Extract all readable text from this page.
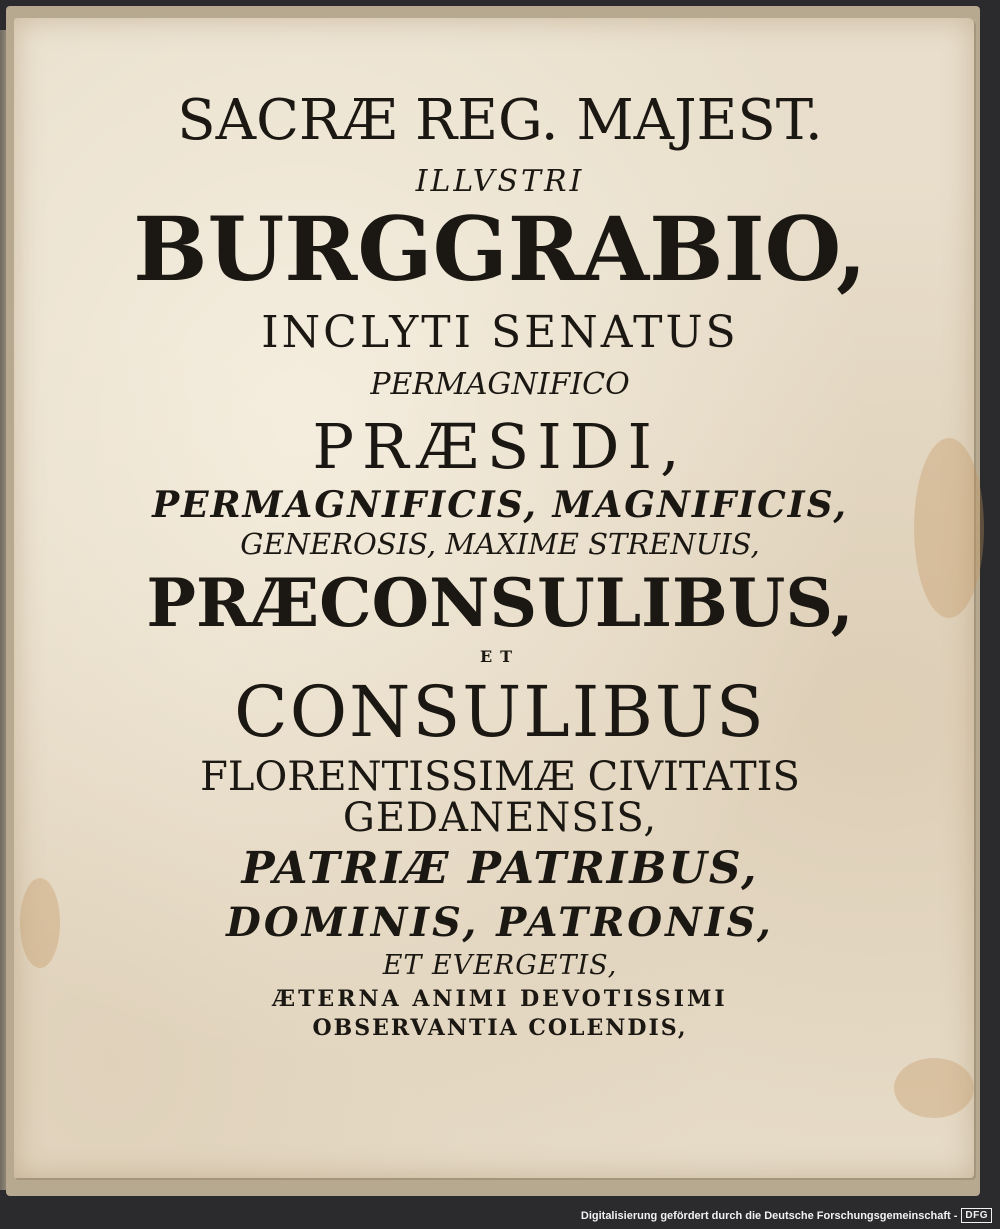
SACRÆ REG. MAJEST.

ILLVSTRI

BURGGRABIO,

INCLYTI SENATUS

PERMAGNIFICO

PRÆSIDI,

PERMAGNIFICIS, MAGNIFICIS,

GENEROSIS, MAXIME STRENUIS,

PRÆCONSULIBUS,

ET

CONSULIBUS

FLORENTISSIMÆ CIVITATIS

GEDANENSIS,

PATRIÆ PATRIBUS,

DOMINIS, PATRONIS,

ET EVERGETIS,

ÆTERNA ANIMI DEVOTISSIMI

OBSERVANTIA COLENDIS,

Digitalisierung gefördert durch die Deutsche Forschungsgemeinschaft - DFG
